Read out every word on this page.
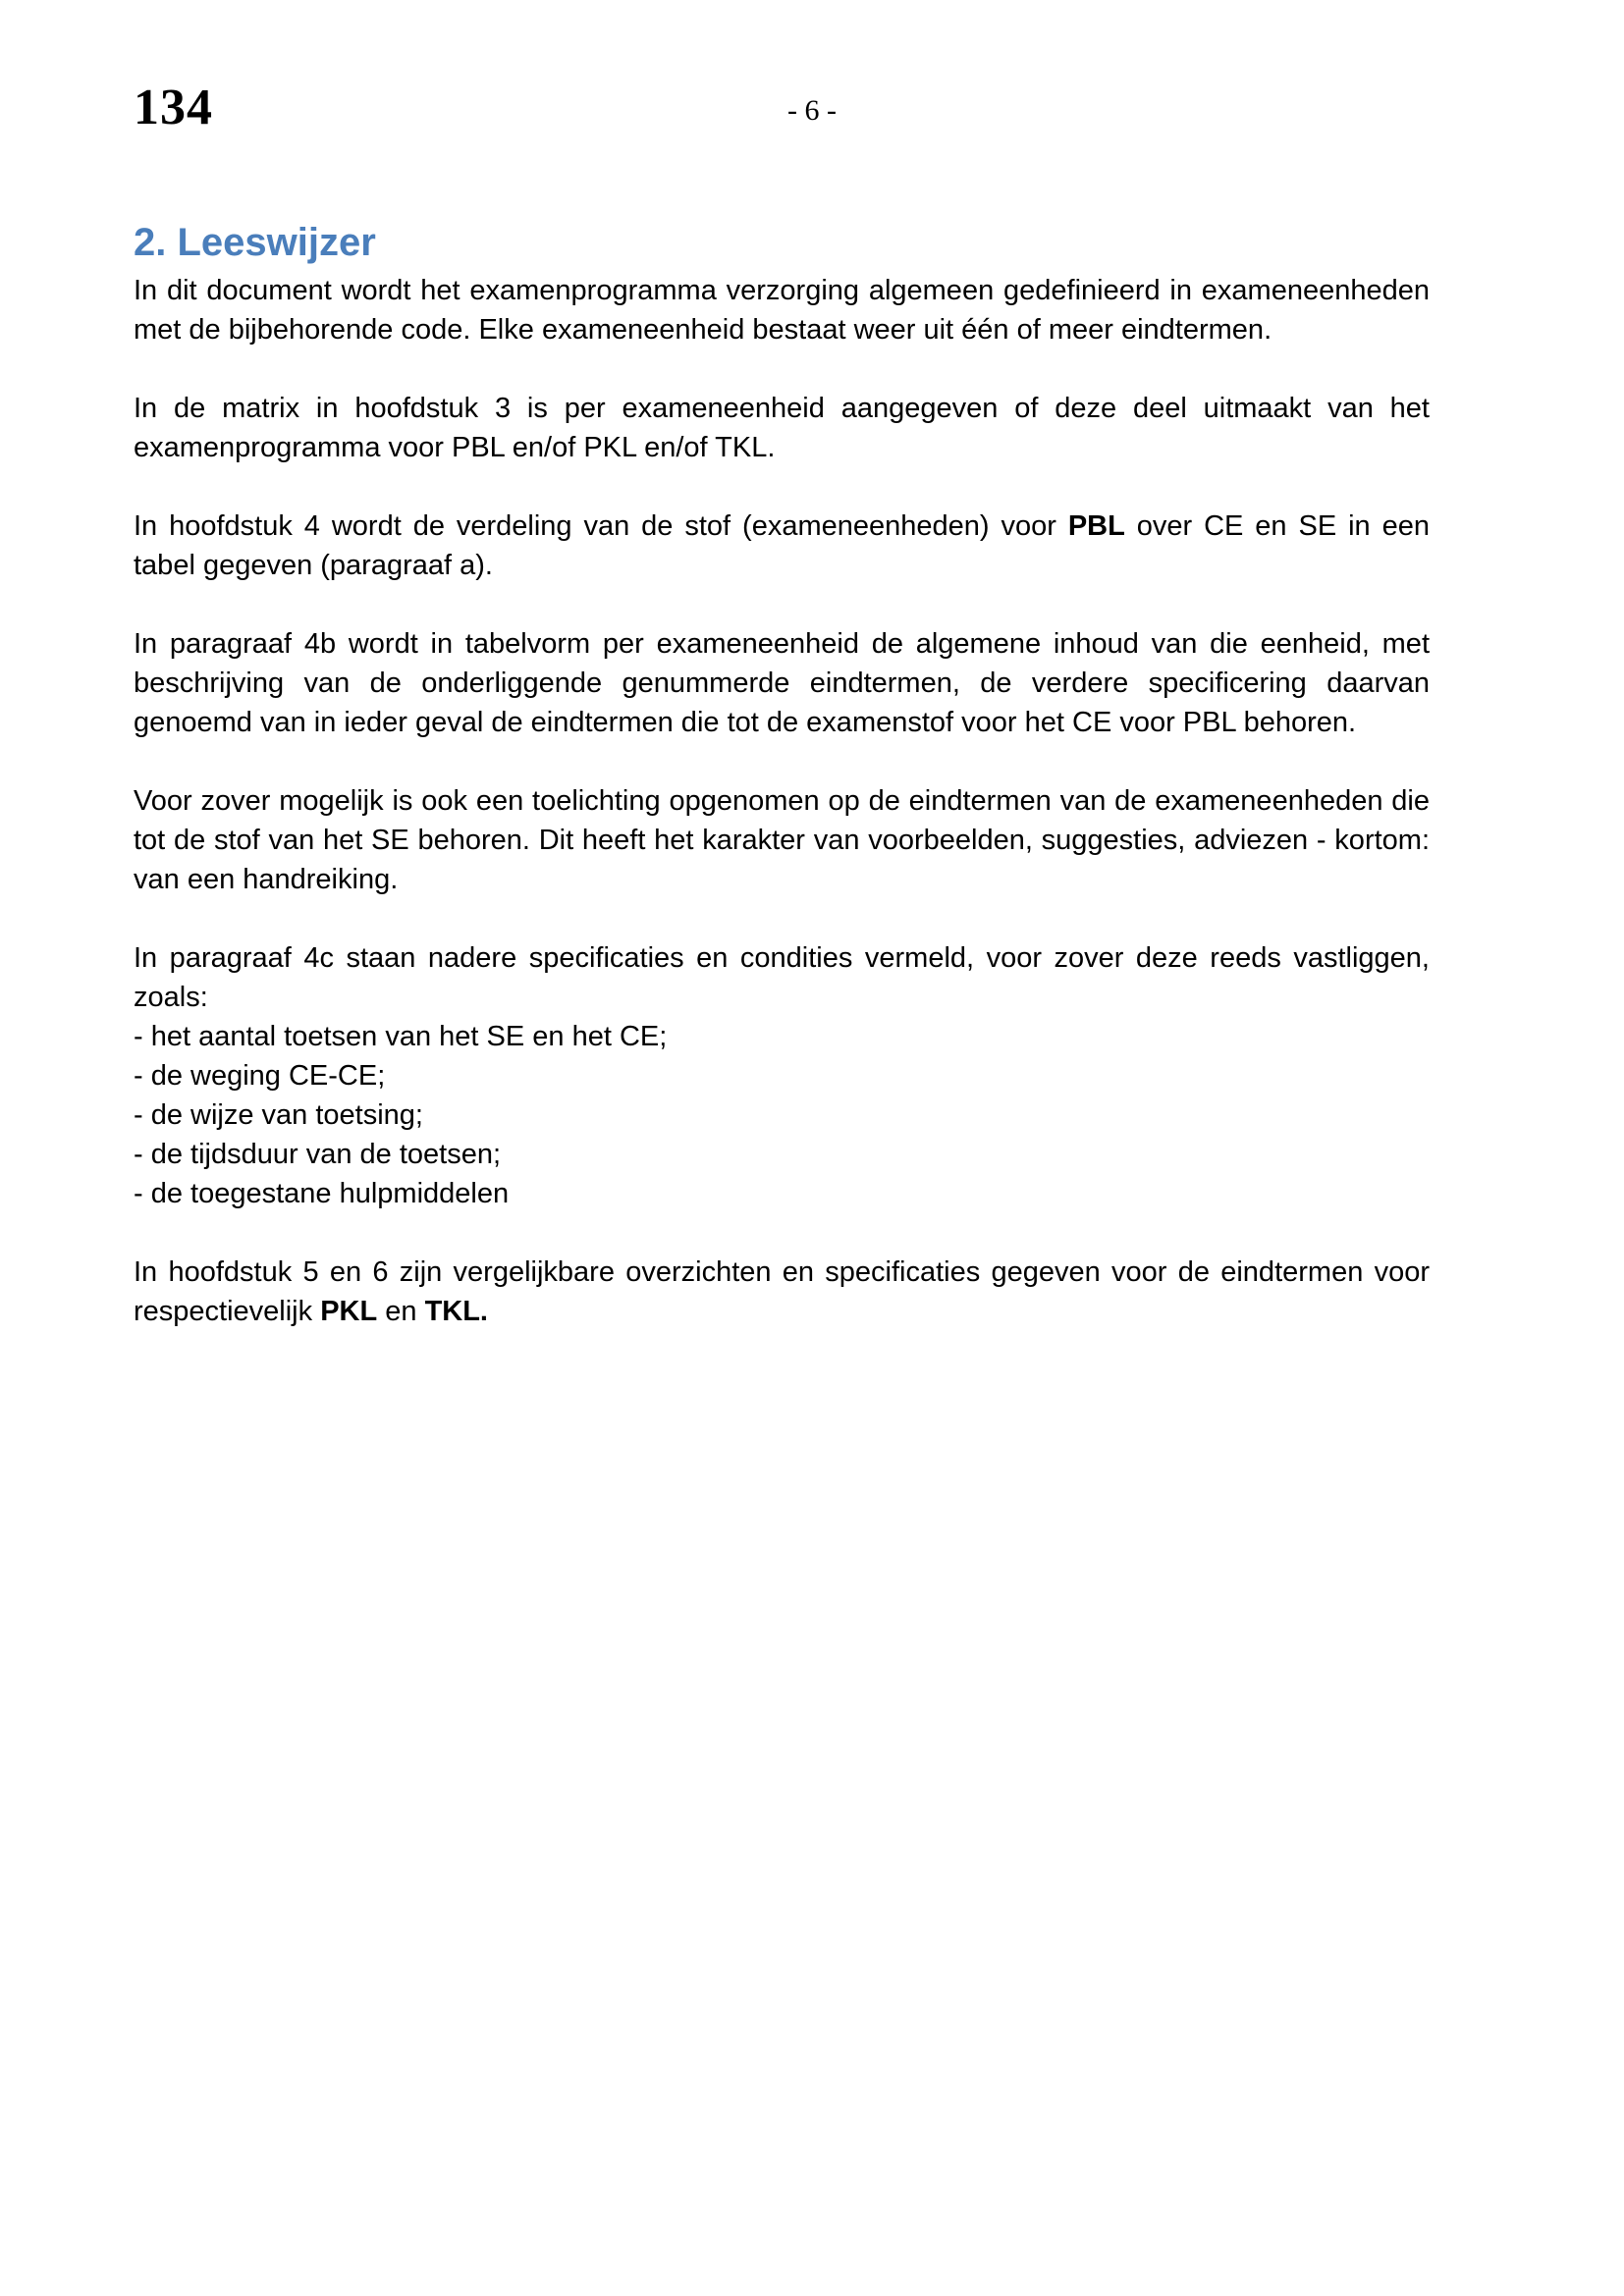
134	- 6 -
2. Leeswijzer

In dit document wordt het examenprogramma verzorging algemeen gedefinieerd in exameneenheden met de bijbehorende code. Elke exameneenheid bestaat weer uit één of meer eindtermen.

In de matrix in hoofdstuk 3 is per exameneenheid aangegeven of deze deel uitmaakt van het examenprogramma voor PBL en/of PKL en/of TKL.

In hoofdstuk 4 wordt de verdeling van de stof (exameneenheden) voor PBL over CE en SE in een tabel gegeven (paragraaf a).

In paragraaf 4b wordt in tabelvorm per exameneenheid de algemene inhoud van die eenheid, met beschrijving van de onderliggende genummerde eindtermen, de verdere specificering daarvan genoemd van in ieder geval de eindtermen die tot de examenstof voor het CE voor PBL behoren.

Voor zover mogelijk is ook een toelichting opgenomen op de eindtermen van de exameneenheden die tot de stof van het SE behoren. Dit heeft het karakter van voorbeelden, suggesties, adviezen - kortom: van een handreiking.

In paragraaf 4c staan nadere specificaties en condities vermeld, voor zover deze reeds vastliggen, zoals:

- het aantal toetsen van het SE en het CE;
- de weging CE-CE;
- de wijze van toetsing;
- de tijdsduur van de toetsen;
- de toegestane hulpmiddelen

In hoofdstuk 5 en 6 zijn vergelijkbare overzichten en specificaties gegeven voor de eindtermen voor respectievelijk PKL en TKL.
